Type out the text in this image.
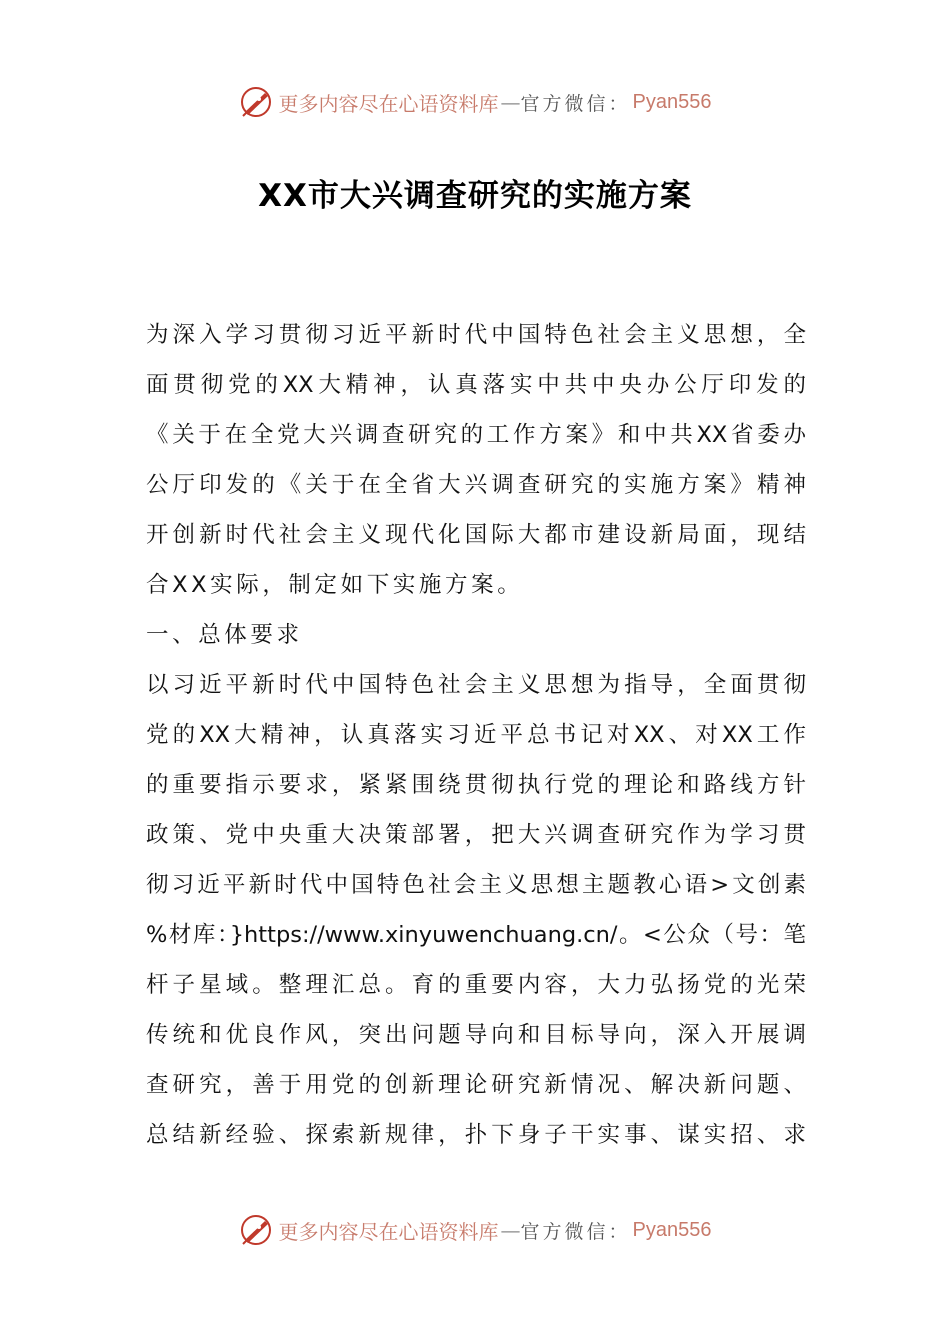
更多内容尽在心语资料库 — 官方微信： Pyan556
XX市大兴调查研究的实施方案
为深入学习贯彻习近平新时代中国特色社会主义思想，全
面贯彻党的XX大精神，认真落实中共中央办公厅印发的
《关于在全党大兴调查研究的工作方案》和中共XX省委办
公厅印发的《关于在全省大兴调查研究的实施方案》精神
开创新时代社会主义现代化国际大都市建设新局面，现结
合XX实际，制定如下实施方案。
一、总体要求
以习近平新时代中国特色社会主义思想为指导，全面贯彻
党的XX大精神，认真落实习近平总书记对XX、对XX工作
的重要指示要求，紧紧围绕贯彻执行党的理论和路线方针
政策、党中央重大决策部署，把大兴调查研究作为学习贯
彻习近平新时代中国特色社会主义思想主题教心语>文创素
%材库：}https://www.xinyuwenchuang.cn/。<公众（号：笔
杆子星域。整理汇总。育的重要内容，大力弘扬党的光荣
传统和优良作风，突出问题导向和目标导向，深入开展调
查研究，善于用党的创新理论研究新情况、解决新问题、
总结新经验、探索新规律，扑下身子干实事、谋实招、求
更多内容尽在心语资料库 — 官方微信： Pyan556
